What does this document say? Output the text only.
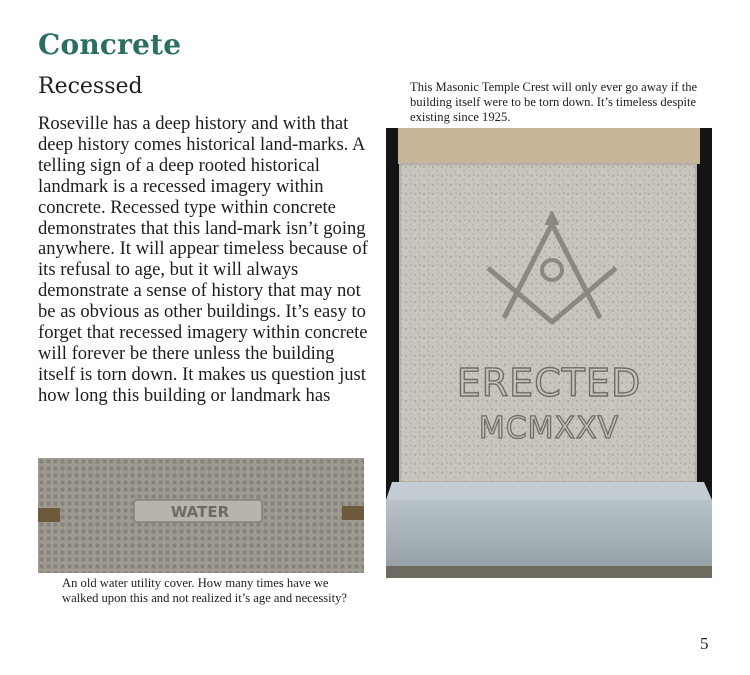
Concrete
Recessed

Roseville has a deep history and with that deep history comes historical land-marks. A telling sign of a deep rooted historical landmark is a recessed imagery within concrete. Recessed type within concrete demonstrates that this land-mark isn’t going anywhere. It will appear timeless because of its refusal to age, but it will always demonstrate a sense of history that may not be as obvious as other buildings. It’s easy to forget that recessed imagery within concrete will forever be there unless the building itself is torn down. It makes us question just how long this building or landmark has

This Masonic Temple Crest will only ever go away if the building itself were to be torn down. It’s timeless despite existing since 1925.

ERECTED
MCMXXV
WATER

An old water utility cover. How many times have we walked upon this and not realized it’s age and necessity?

5
